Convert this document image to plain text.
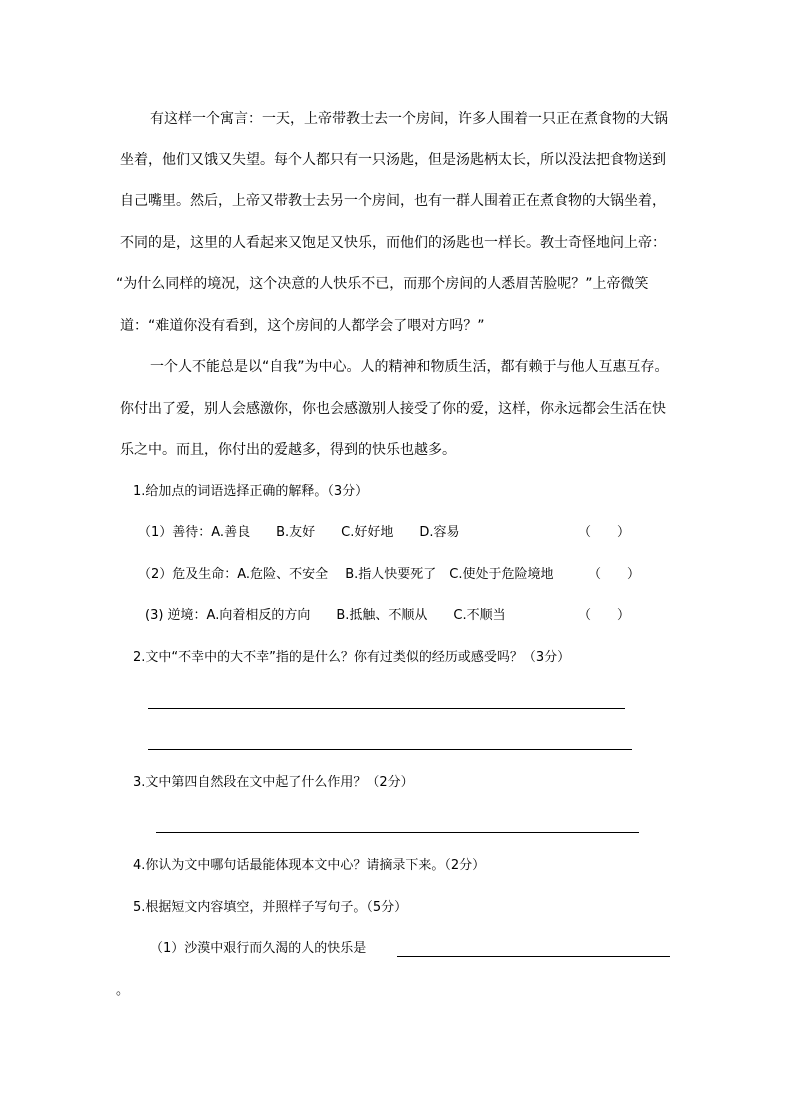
有这样一个寓言：一天，上帝带教士去一个房间，许多人围着一只正在煮食物的大锅
坐着，他们又饿又失望。每个人都只有一只汤匙，但是汤匙柄太长，所以没法把食物送到
自己嘴里。然后，上帝又带教士去另一个房间，也有一群人围着正在煮食物的大锅坐着，
不同的是，这里的人看起来又饱足又快乐，而他们的汤匙也一样长。教士奇怪地问上帝：
“为什么同样的境况，这个决意的人快乐不已，而那个房间的人悉眉苦脸呢？”上帝微笑
道：“难道你没有看到，这个房间的人都学会了喂对方吗？”
一个人不能总是以“自我”为中心。人的精神和物质生活，都有赖于与他人互惠互存。
你付出了爱，别人会感激你，你也会感激别人接受了你的爱，这样，你永远都会生活在快
乐之中。而且，你付出的爱越多，得到的快乐也越多。
1.给加点的词语选择正确的解释。（3分）
（1）善待：A.善良　　B.友好　　C.好好地　　D.容易	（　　）
（2）危及生命：A.危险、不安全　 B.指人快要死了　C.使处于危险境地	（　　）
(3) 逆境：A.向着相反的方向　　B.抵触、不顺从　　C.不顺当	（　　）
2.文中“不幸中的大不幸”指的是什么？你有过类似的经历或感受吗？（3分）
3.文中第四自然段在文中起了什么作用？（2分）
4.你认为文中哪句话最能体现本文中心？请摘录下来。（2分）
5.根据短文内容填空，并照样子写句子。（5分）
（1）沙漠中艰行而久渴的人的快乐是
。
